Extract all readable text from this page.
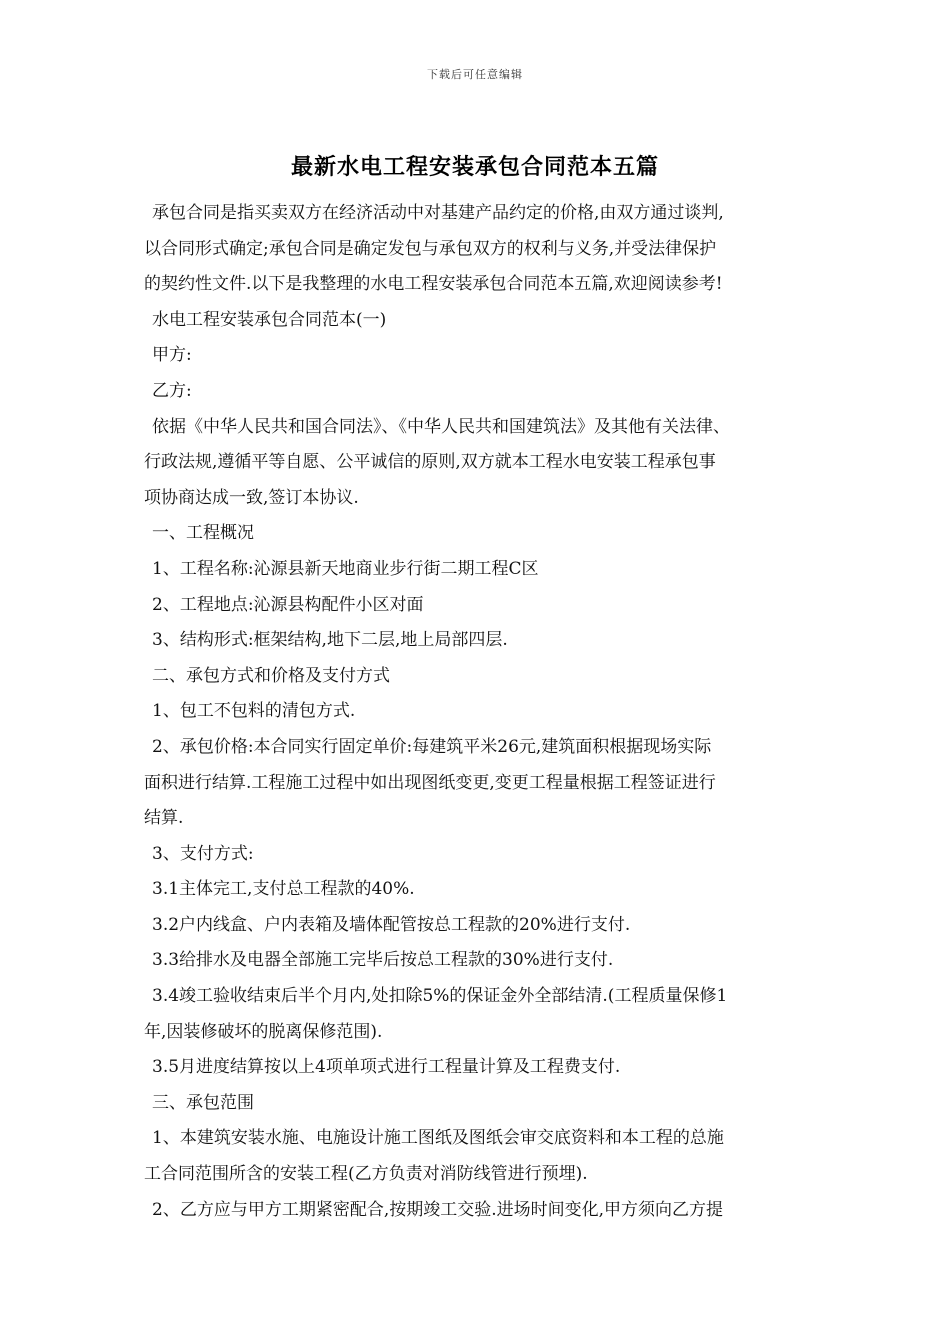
下载后可任意编辑
最新水电工程安装承包合同范本五篇
承包合同是指买卖双方在经济活动中对基建产品约定的价格,由双方通过谈判,
以合同形式确定;承包合同是确定发包与承包双方的权利与义务,并受法律保护
的契约性文件.以下是我整理的水电工程安装承包合同范本五篇,欢迎阅读参考!
水电工程安装承包合同范本(一)
甲方:
乙方:
依据《中华人民共和国合同法》、《中华人民共和国建筑法》及其他有关法律、
行政法规,遵循平等自愿、公平诚信的原则,双方就本工程水电安装工程承包事
项协商达成一致,签订本协议.
一、工程概况
1、工程名称:沁源县新天地商业步行街二期工程C区
2、工程地点:沁源县构配件小区对面
3、结构形式:框架结构,地下二层,地上局部四层.
二、承包方式和价格及支付方式
1、包工不包料的清包方式.
2、承包价格:本合同实行固定单价:每建筑平米26元,建筑面积根据现场实际
面积进行结算.工程施工过程中如出现图纸变更,变更工程量根据工程签证进行
结算.
3、支付方式:
3.1主体完工,支付总工程款的40%.
3.2户内线盒、户内表箱及墙体配管按总工程款的20%进行支付.
3.3给排水及电器全部施工完毕后按总工程款的30%进行支付.
3.4竣工验收结束后半个月内,处扣除5%的保证金外全部结清.(工程质量保修1
年,因装修破坏的脱离保修范围).
3.5月进度结算按以上4项单项式进行工程量计算及工程费支付.
三、承包范围
1、本建筑安装水施、电施设计施工图纸及图纸会审交底资料和本工程的总施
工合同范围所含的安装工程(乙方负责对消防线管进行预埋).
2、乙方应与甲方工期紧密配合,按期竣工交验.进场时间变化,甲方须向乙方提
